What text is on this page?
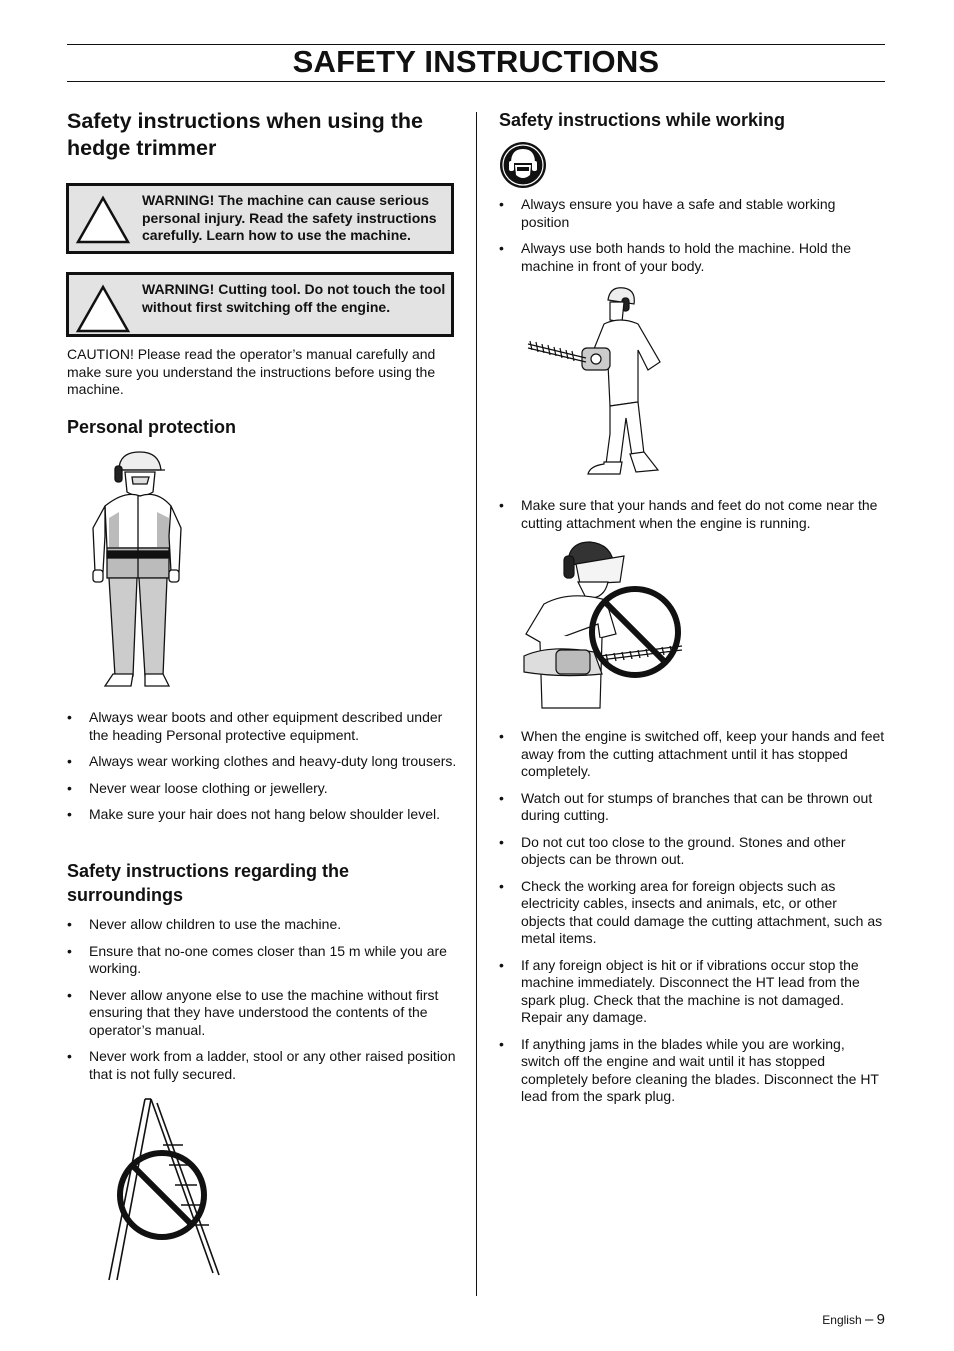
SAFETY INSTRUCTIONS
Safety instructions when using the hedge trimmer
WARNING! The machine can cause serious personal injury. Read the safety instructions carefully. Learn how to use the machine.
WARNING! Cutting tool. Do not touch the tool without first switching off the engine.
CAUTION! Please read the operator’s manual carefully and make sure you understand the instructions before using the machine.
Personal protection
• Always wear boots and other equipment described under the heading Personal protective equipment.
• Always wear working clothes and heavy-duty long trousers.
• Never wear loose clothing or jewellery.
• Make sure your hair does not hang below shoulder level.
Safety instructions regarding the surroundings
• Never allow children to use the machine.
• Ensure that no-one comes closer than 15 m while you are working.
• Never allow anyone else to use the machine without first ensuring that they have understood the contents of the operator’s manual.
• Never work from a ladder, stool or any other raised position that is not fully secured.
Safety instructions while working
• Always ensure you have a safe and stable working position
• Always use both hands to hold the machine. Hold the machine in front of your body.
• Make sure that your hands and feet do not come near the cutting attachment when the engine is running.
• When the engine is switched off, keep your hands and feet away from the cutting attachment until it has stopped completely.
• Watch out for stumps of branches that can be thrown out during cutting.
• Do not cut too close to the ground. Stones and other objects can be thrown out.
• Check the working area for foreign objects such as electricity cables, insects and animals, etc, or other objects that could damage the cutting attachment, such as metal items.
• If any foreign object is hit or if vibrations occur stop the machine immediately. Disconnect the HT lead from the spark plug. Check that the machine is not damaged. Repair any damage.
• If anything jams in the blades while you are working, switch off the engine and wait until it has stopped completely before cleaning the blades. Disconnect the HT lead from the spark plug.
English – 9
